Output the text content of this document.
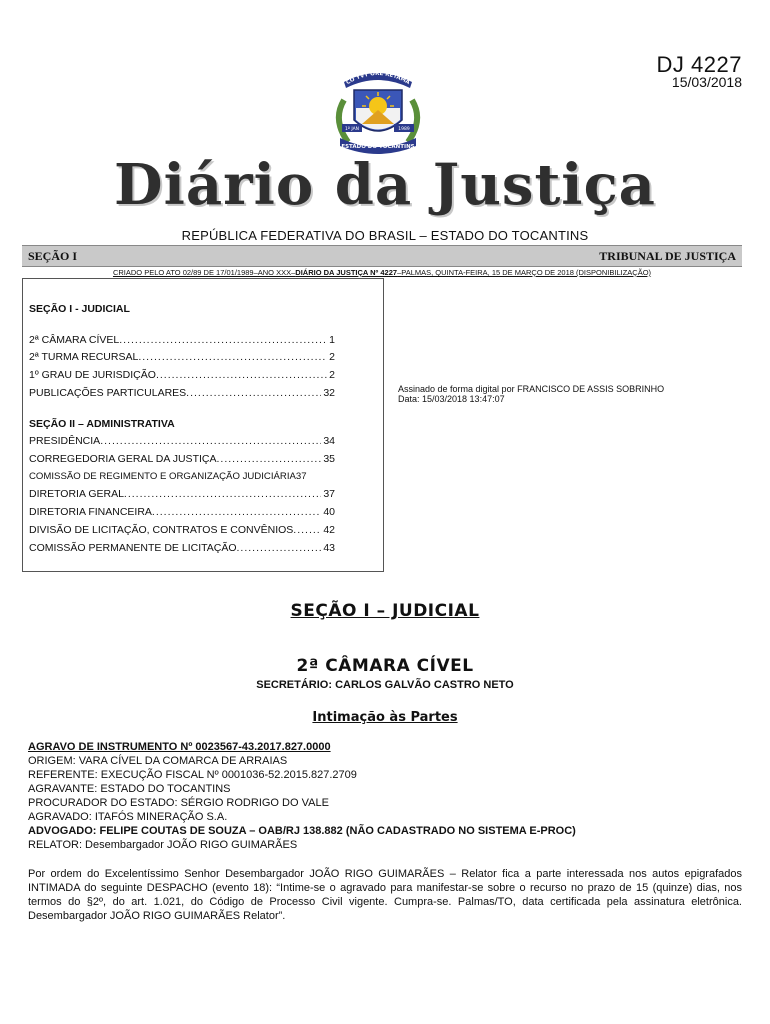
DJ 4227
15/03/2018
CO YVY ORE RETAMA
1º JAN	1989
ESTADO DO TOCANTINS
Diário da Justiça
REPÚBLICA FEDERATIVA DO BRASIL – ESTADO DO TOCANTINS
SEÇÃO I	TRIBUNAL DE JUSTIÇA
CRIADO PELO ATO 02/89 DE 17/01/1989–ANO XXX–DIÁRIO DA JUSTIÇA Nº 4227–PALMAS, QUINTA-FEIRA, 15 DE MARÇO DE 2018 (DISPONIBILIZAÇÃO)
SEÇÃO I - JUDICIAL
2ª CÂMARA CÍVEL .....	1
2ª TURMA RECURSAL .....	2
1º GRAU DE JURISDIÇÃO .....	2
PUBLICAÇÕES PARTICULARES .....	32
SEÇÃO II – ADMINISTRATIVA
PRESIDÊNCIA .....	34
CORREGEDORIA GERAL DA JUSTIÇA .....	35
COMISSÃO DE REGIMENTO E ORGANIZAÇÃO JUDICIÁRIA 37
DIRETORIA GERAL .....	37
DIRETORIA FINANCEIRA .....	40
DIVISÃO DE LICITAÇÃO, CONTRATOS E CONVÊNIOS .....	42
COMISSÃO PERMANENTE DE LICITAÇÃO .....	43
Assinado de forma digital por FRANCISCO DE ASSIS SOBRINHO
Data: 15/03/2018 13:47:07
SEÇÃO I – JUDICIAL
2ª CÂMARA CÍVEL
SECRETÁRIO: CARLOS GALVÃO CASTRO NETO
Intimação às Partes
AGRAVO DE INSTRUMENTO Nº 0023567-43.2017.827.0000
ORIGEM: VARA CÍVEL DA COMARCA DE ARRAIAS
REFERENTE: EXECUÇÃO FISCAL Nº 0001036-52.2015.827.2709
AGRAVANTE: ESTADO DO TOCANTINS
PROCURADOR DO ESTADO: SÉRGIO RODRIGO DO VALE
AGRAVADO: ITAFÓS MINERAÇÃO S.A.
ADVOGADO: FELIPE COUTAS DE SOUZA – OAB/RJ 138.882 (NÃO CADASTRADO NO SISTEMA E-PROC)
RELATOR: Desembargador JOÃO RIGO GUIMARÃES
Por ordem do Excelentíssimo Senhor Desembargador JOÃO RIGO GUIMARÃES – Relator fica a parte interessada nos autos epigrafados INTIMADA do seguinte DESPACHO (evento 18): “Intime-se o agravado para manifestar-se sobre o recurso no prazo de 15 (quinze) dias, nos termos do §2º, do art. 1.021, do Código de Processo Civil vigente. Cumpra-se. Palmas/TO, data certificada pela assinatura eletrônica. Desembargador JOÃO RIGO GUIMARÃES Relator”.
